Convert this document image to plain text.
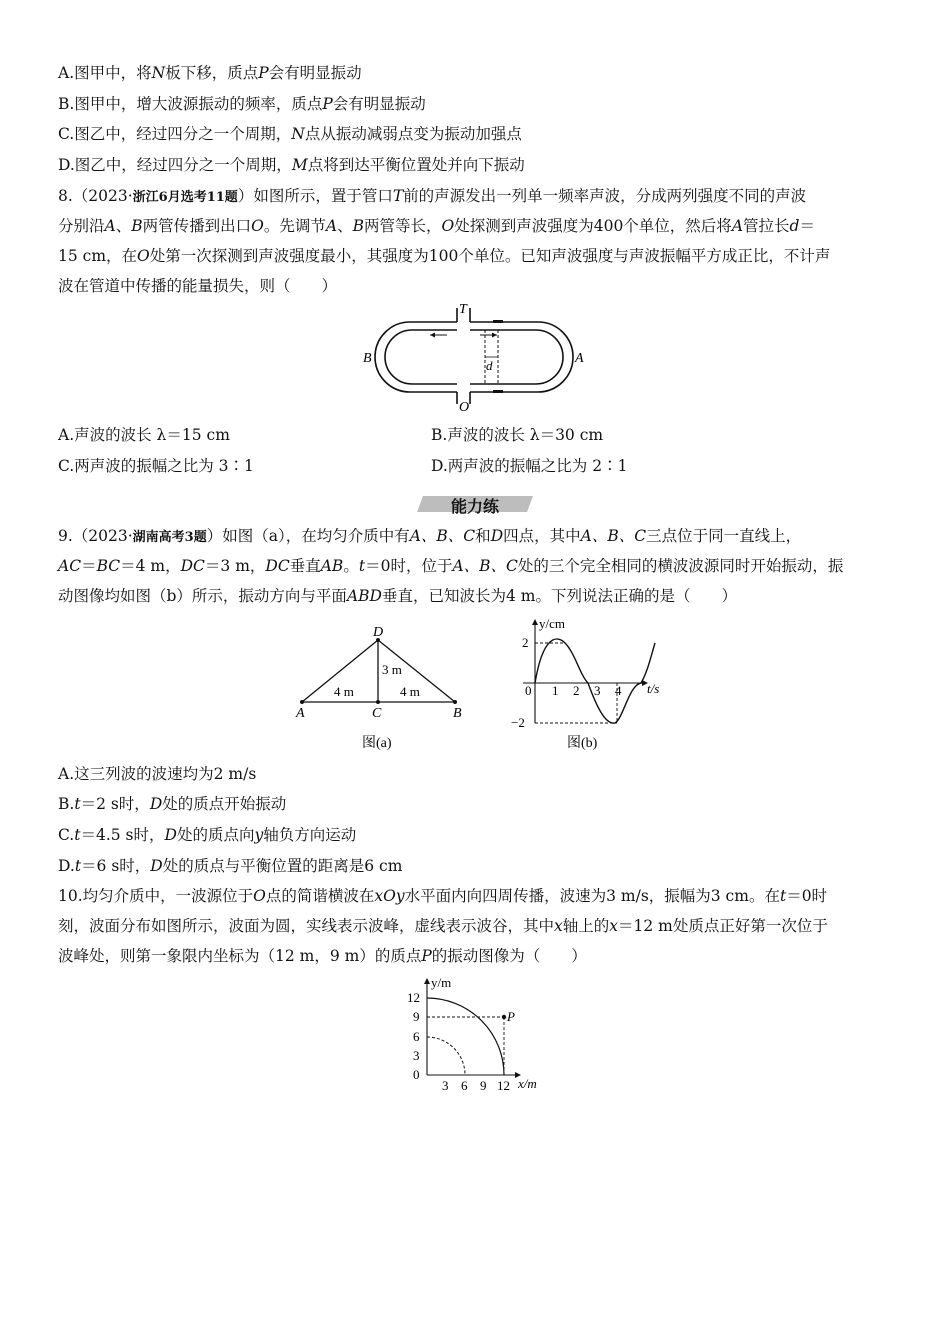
A.图甲中，将N板下移，质点P会有明显振动
B.图甲中，增大波源振动的频率，质点P会有明显振动
C.图乙中，经过四分之一个周期，N点从振动减弱点变为振动加强点
D.图乙中，经过四分之一个周期，M点将到达平衡位置处并向下振动
8.（2023·浙江6月选考11题）如图所示，置于管口T前的声源发出一列单一频率声波，分成两列强度不同的声波
分别沿A、B两管传播到出口O。先调节A、B两管等长，O处探测到声波强度为400个单位，然后将A管拉长d＝
15 cm，在O处第一次探测到声波强度最小，其强度为100个单位。已知声波强度与声波振幅平方成正比，不计声
波在管道中传播的能量损失，则（　　）
T
O
B	A
d
A.声波的波长 λ＝15 cm	B.声波的波长 λ＝30 cm
C.两声波的振幅之比为 3∶1	D.两声波的振幅之比为 2∶1
能力练
9.（2023·湖南高考3题）如图（a），在均匀介质中有A、B、C和D四点，其中A、B、C三点位于同一直线上，
AC＝BC＝4 m，DC＝3 m，DC垂直AB。t＝0时，位于A、B、C处的三个完全相同的横波波源同时开始振动，振
动图像均如图（b）所示，振动方向与平面ABD垂直，已知波长为4 m。下列说法正确的是（　　）
D
A	B
C
3 m
4 m	4 m
图(a)
y/cm
t/s
2
−2
0 1 2 3 4
图(b)
A.这三列波的波速均为2 m/s
B.t＝2 s时，D处的质点开始振动
C.t＝4.5 s时，D处的质点向y轴负方向运动
D.t＝6 s时，D处的质点与平衡位置的距离是6 cm
10.均匀介质中，一波源位于O点的简谐横波在xOy水平面内向四周传播，波速为3 m/s，振幅为3 cm。在t＝0时
刻，波面分布如图所示，波面为圆，实线表示波峰，虚线表示波谷，其中x轴上的x＝12 m处质点正好第一次位于
波峰处，则第一象限内坐标为（12 m，9 m）的质点P的振动图像为（　　）
y/m
x/m
P
12
9
6
3
0
3 6 9 12
